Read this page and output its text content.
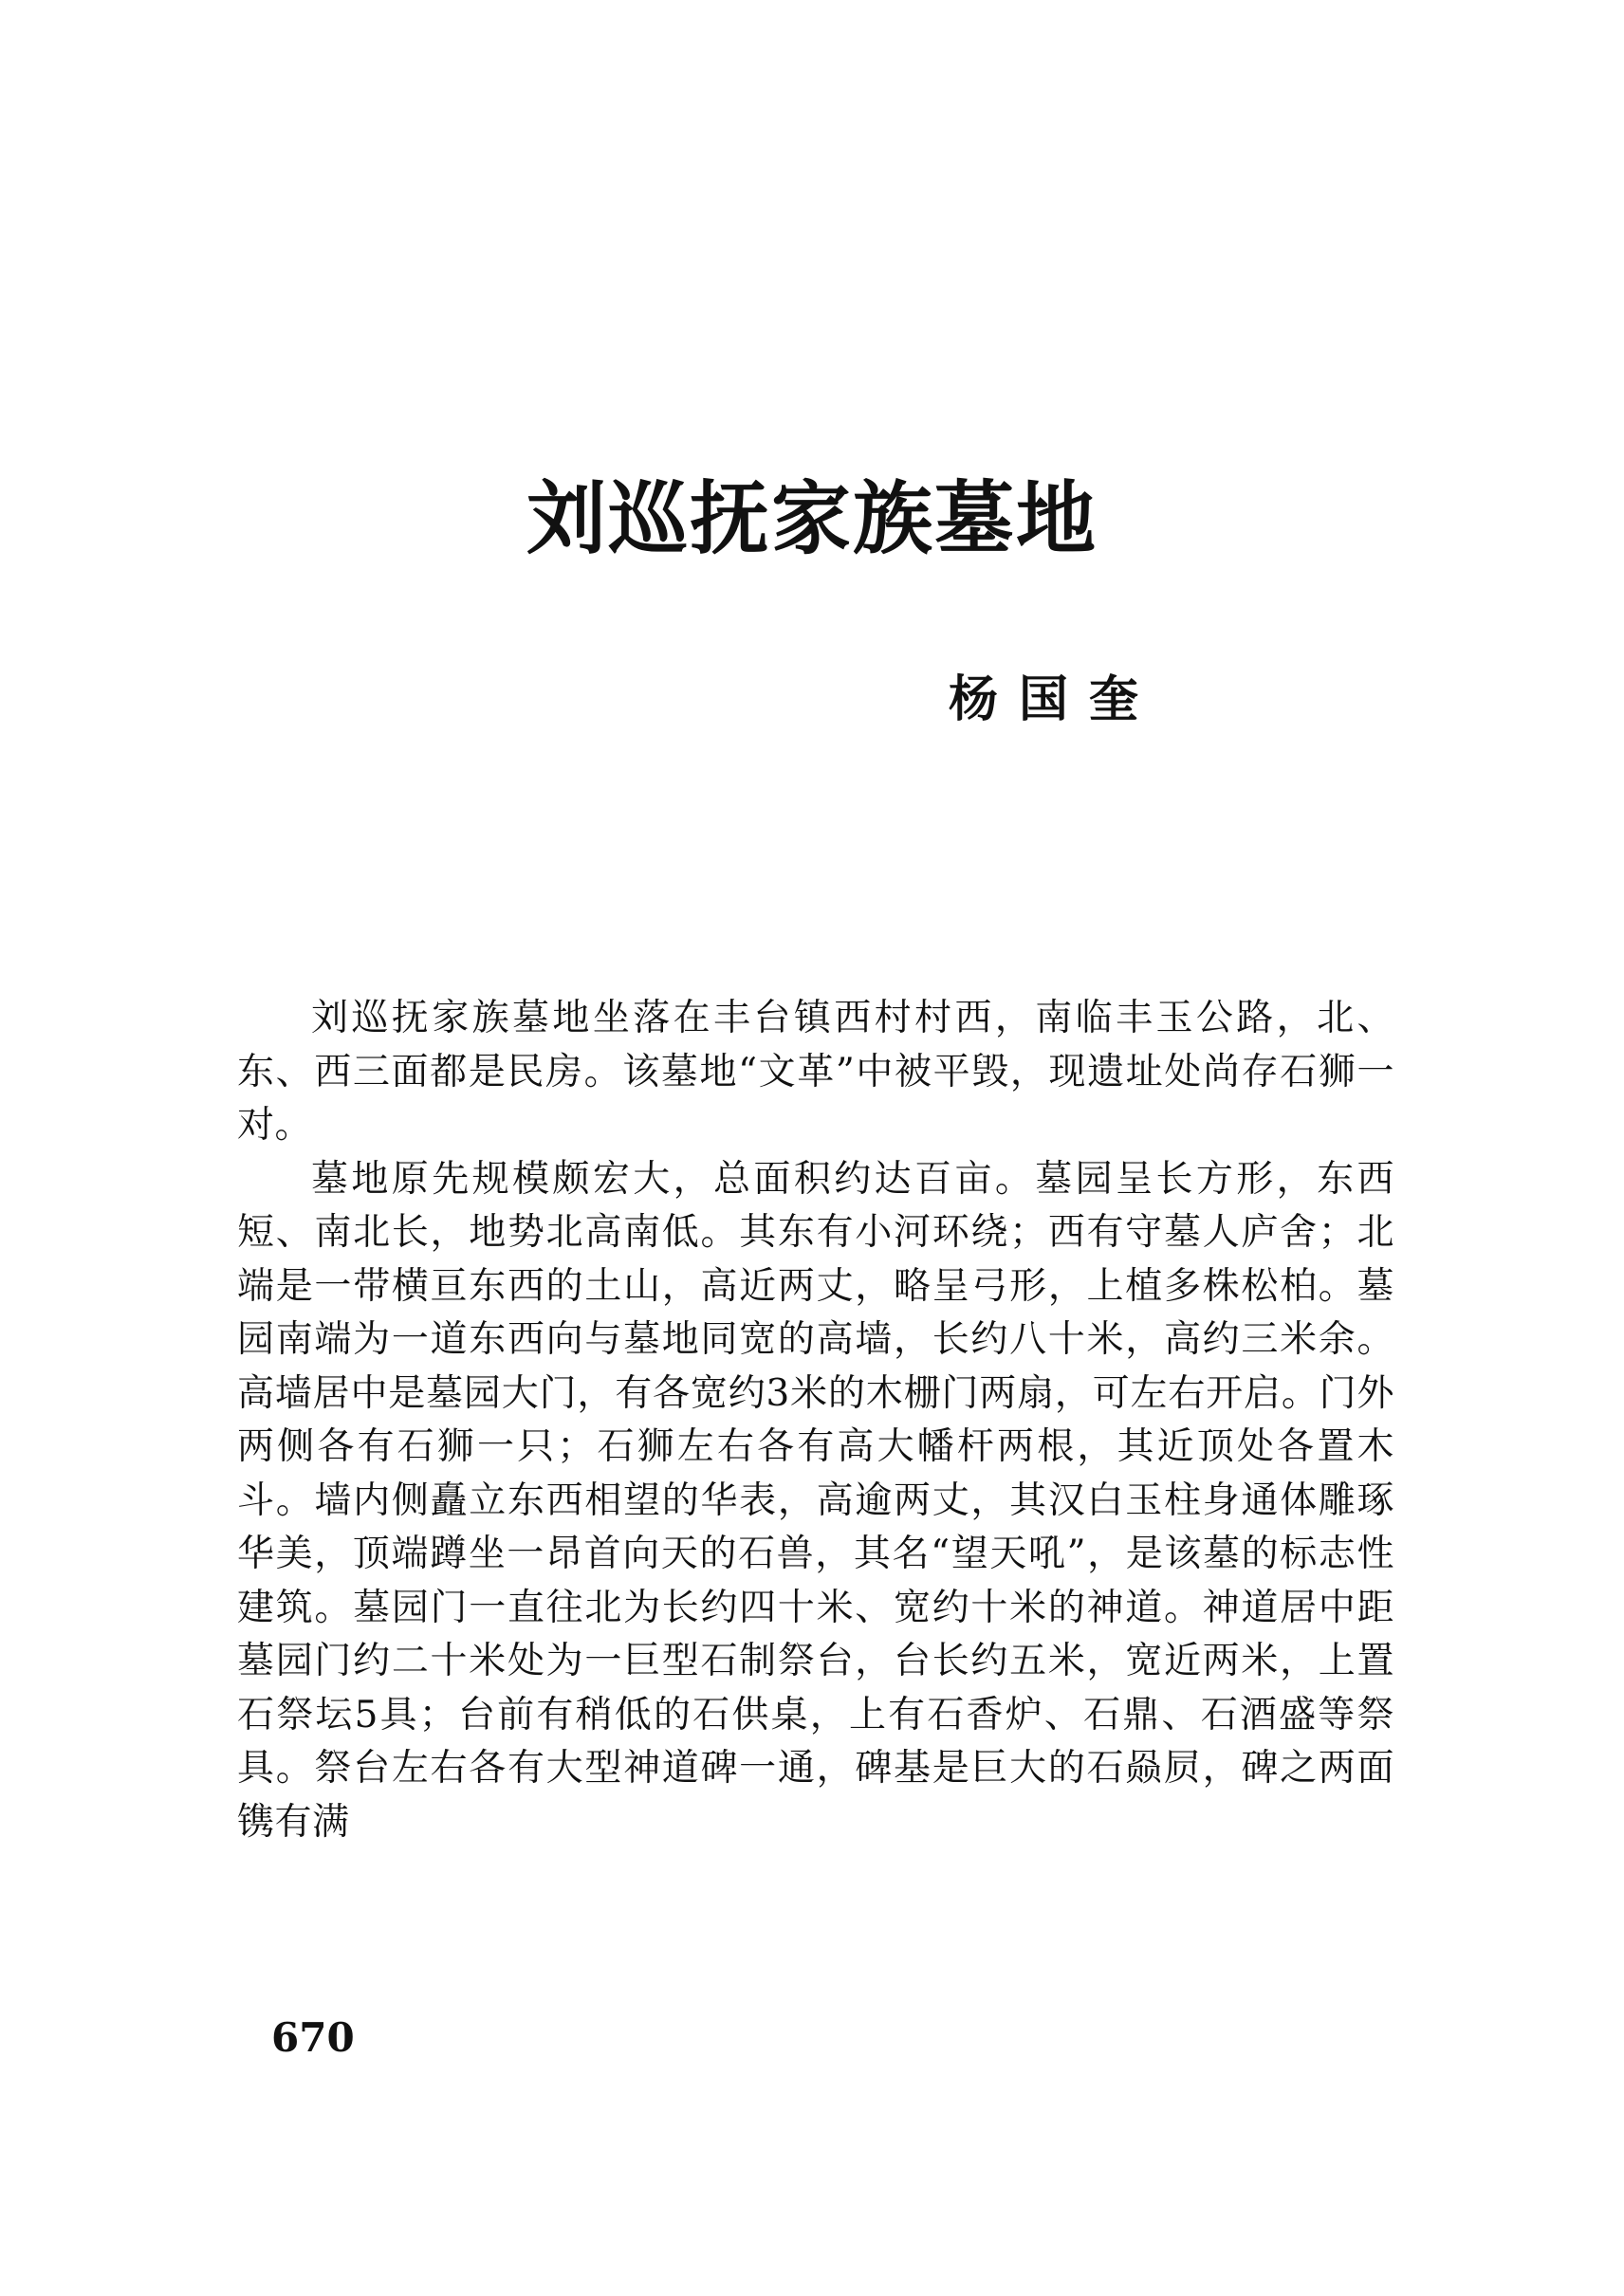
刘巡抚家族墓地
杨国奎

刘巡抚家族墓地坐落在丰台镇西村村西，南临丰玉公路，北、东、西三面都是民房。该墓地“文革”中被平毁，现遗址处尚存石狮一对。

墓地原先规模颇宏大，总面积约达百亩。墓园呈长方形，东西短、南北长，地势北高南低。其东有小河环绕；西有守墓人庐舍；北端是一带横亘东西的土山，高近两丈，略呈弓形，上植多株松柏。墓园南端为一道东西向与墓地同宽的高墙，长约八十米，高约三米余。高墙居中是墓园大门，有各宽约3米的木栅门两扇，可左右开启。门外两侧各有石狮一只；石狮左右各有高大幡杆两根，其近顶处各置木斗。墙内侧矗立东西相望的华表，高逾两丈，其汉白玉柱身通体雕琢华美，顶端蹲坐一昂首向天的石兽，其名“望天吼”，是该墓的标志性建筑。墓园门一直往北为长约四十米、宽约十米的神道。神道居中距墓园门约二十米处为一巨型石制祭台，台长约五米，宽近两米，上置石祭坛5具；台前有稍低的石供桌，上有石香炉、石鼎、石酒盛等祭具。祭台左右各有大型神道碑一通，碑基是巨大的石赑屃，碑之两面镌有满

670
